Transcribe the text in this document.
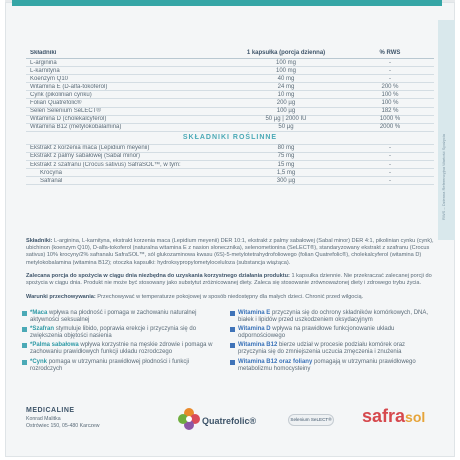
RWS – Dzienna Referencyjna Wartość Spożycia
Składniki	1 kapsułka (porcja dzienna)	% RWS
L-arginina	100 mg	-
L-karnityna	100 mg	-
Koenzym Q10	40 mg	-
Witamina E (D-alfa-tokoferol)	24 mg	200 %
Cynk (pikolinian cynku)	10 mg	100 %
Folian Quatrefolic®	200 µg	100 %
Selen Selenium SeLECT®	100 µg	182 %
Witamina D (cholekalcyferol)	50 µg | 2000 IU	1000 %
Witamina B12 (metylokobalamina)	50 µg	2000 %
SKŁADNIKI ROŚLINNE
Ekstrakt z korzenia maca (Lepidium meyenii)	80 mg	-
Ekstrakt z palmy sabałowej (Sabal minor)	75 mg	-
Ekstrakt z szafranu (Crocus sativus) SafraSOL™, w tym:	15 mg	-
Krocyna	1,5 mg	-
Safranal	300 µg	-
Składniki: L-arginina, L-karnityna, ekstrakt korzenia maca (Lepidium meyenii) DER 10:1, ekstrakt z palmy sabałowej (Sabal minor) DER 4:1, pikolinian cynku (cynk), ubichinon (koenzym Q10), D-alfa-tokoferol (naturalna witamina E z nasion słonecznika), selenometionina (SeLECT®), standaryzowany ekstrakt z szafranu (Crocus sativus) 10% krocyny/2% safranalu SafraSOL™, sól glukozaminowa kwasu (6S)-5-metylotetrahydrofoliowego (folian Quatrefolic®), cholekalcyferol (witamina D) metylokobalamina (witamina B12); otoczka kapsułki: hydroksypropylometyloceluloza (substancja wiążąca).
Zalecana porcja do spożycia w ciągu dnia niezbędna do uzyskania korzystnego działania produktu: 1 kapsułka dziennie. Nie przekraczać zalecanej porcji do spożycia w ciągu dnia. Produkt nie może być stosowany jako substytut zróżnicowanej diety. Zaleca się stosowanie zrównoważonej diety i zdrowego trybu życia.
Warunki przechowywania: Przechowywać w temperaturze pokojowej w sposób niedostępny dla małych dzieci. Chronić przed wilgocią.
*Maca wpływa na płodność i pomaga w zachowaniu naturalnej aktywności seksualnej
*Szafran stymuluje libido, poprawia erekcje i przyczynia się do zwiększenia objętości nasienia
*Palma sabałowa wpływa korzystnie na męskie zdrowie i pomaga w zachowaniu prawidłowych funkcji układu rozrodczego
*Cynk pomaga w utrzymaniu prawidłowej płodności i funkcji rozrodczych
Witamina E przyczynia się do ochrony składników komórkowych, DNA, białek i lipidów przed uszkodzeniem oksydacyjnym
Witamina D wpływa na prawidłowe funkcjonowanie układu odpornościowego
Witamina B12 bierze udział w procesie podziału komórek oraz przyczynia się do zmniejszenia uczucia zmęczenia i znużenia
Witamina B12 oraz foliany pomagają w utrzymaniu prawidłowego metabolizmu homocysteiny
MEDICALINE
Konrad Malitka
Ostrówiec 150, 05-480 Karczew	Quatrefolic®	Selenium SeLECT® safrasol
